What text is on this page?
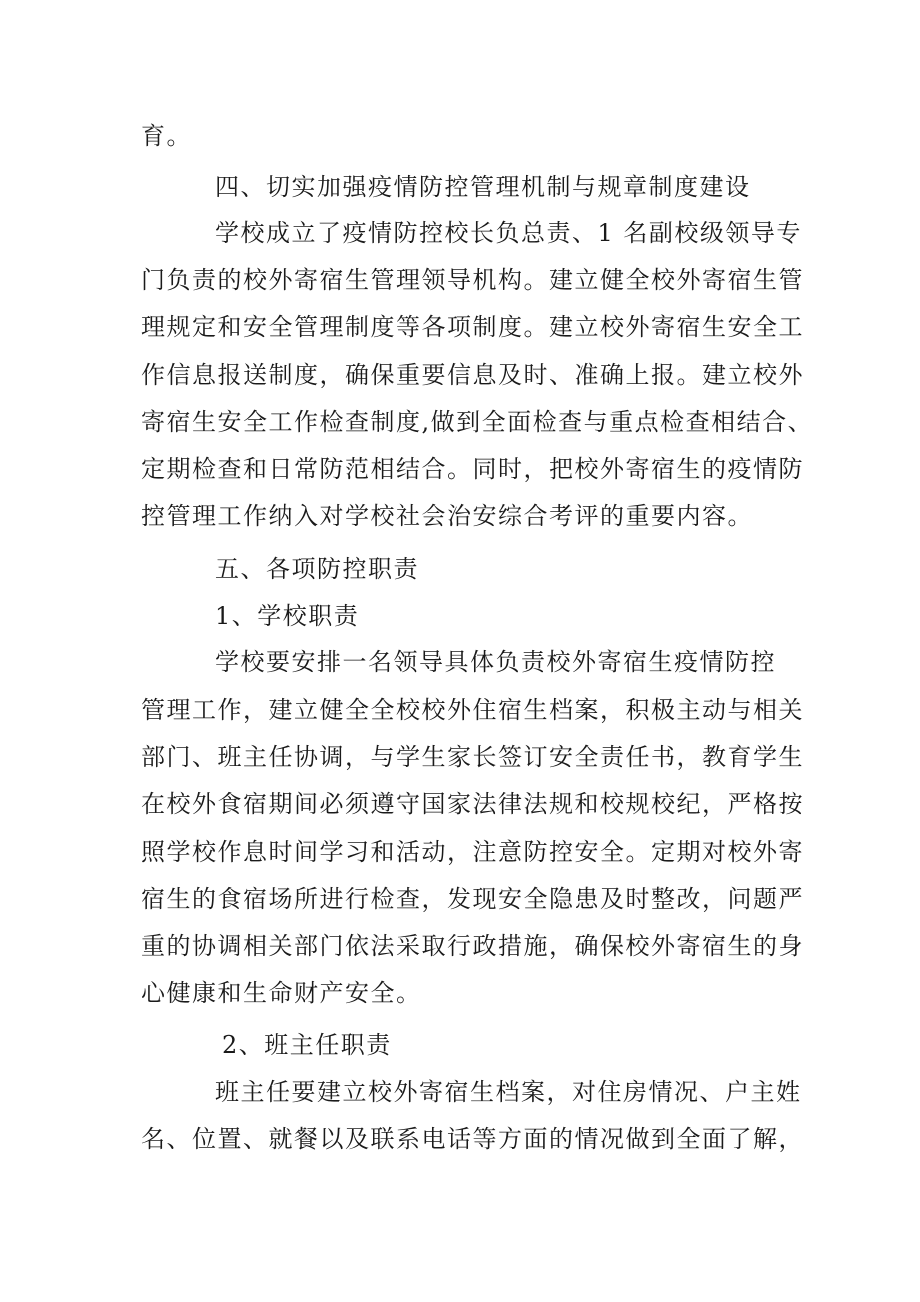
育。
四、切实加强疫情防控管理机制与规章制度建设
学校成立了疫情防控校长负总责、1 名副校级领导专
门负责的校外寄宿生管理领导机构。建立健全校外寄宿生管
理规定和安全管理制度等各项制度。建立校外寄宿生安全工
作信息报送制度，确保重要信息及时、准确上报。建立校外
寄宿生安全工作检查制度,做到全面检查与重点检查相结合、
定期检查和日常防范相结合。同时，把校外寄宿生的疫情防
控管理工作纳入对学校社会治安综合考评的重要内容。
五、各项防控职责
1、学校职责
学校要安排一名领导具体负责校外寄宿生疫情防控
管理工作，建立健全全校校外住宿生档案，积极主动与相关
部门、班主任协调，与学生家长签订安全责任书，教育学生
在校外食宿期间必须遵守国家法律法规和校规校纪，严格按
照学校作息时间学习和活动，注意防控安全。定期对校外寄
宿生的食宿场所进行检查，发现安全隐患及时整改，问题严
重的协调相关部门依法采取行政措施，确保校外寄宿生的身
心健康和生命财产安全。
2、班主任职责
班主任要建立校外寄宿生档案，对住房情况、户主姓
名、位置、就餐以及联系电话等方面的情况做到全面了解，
